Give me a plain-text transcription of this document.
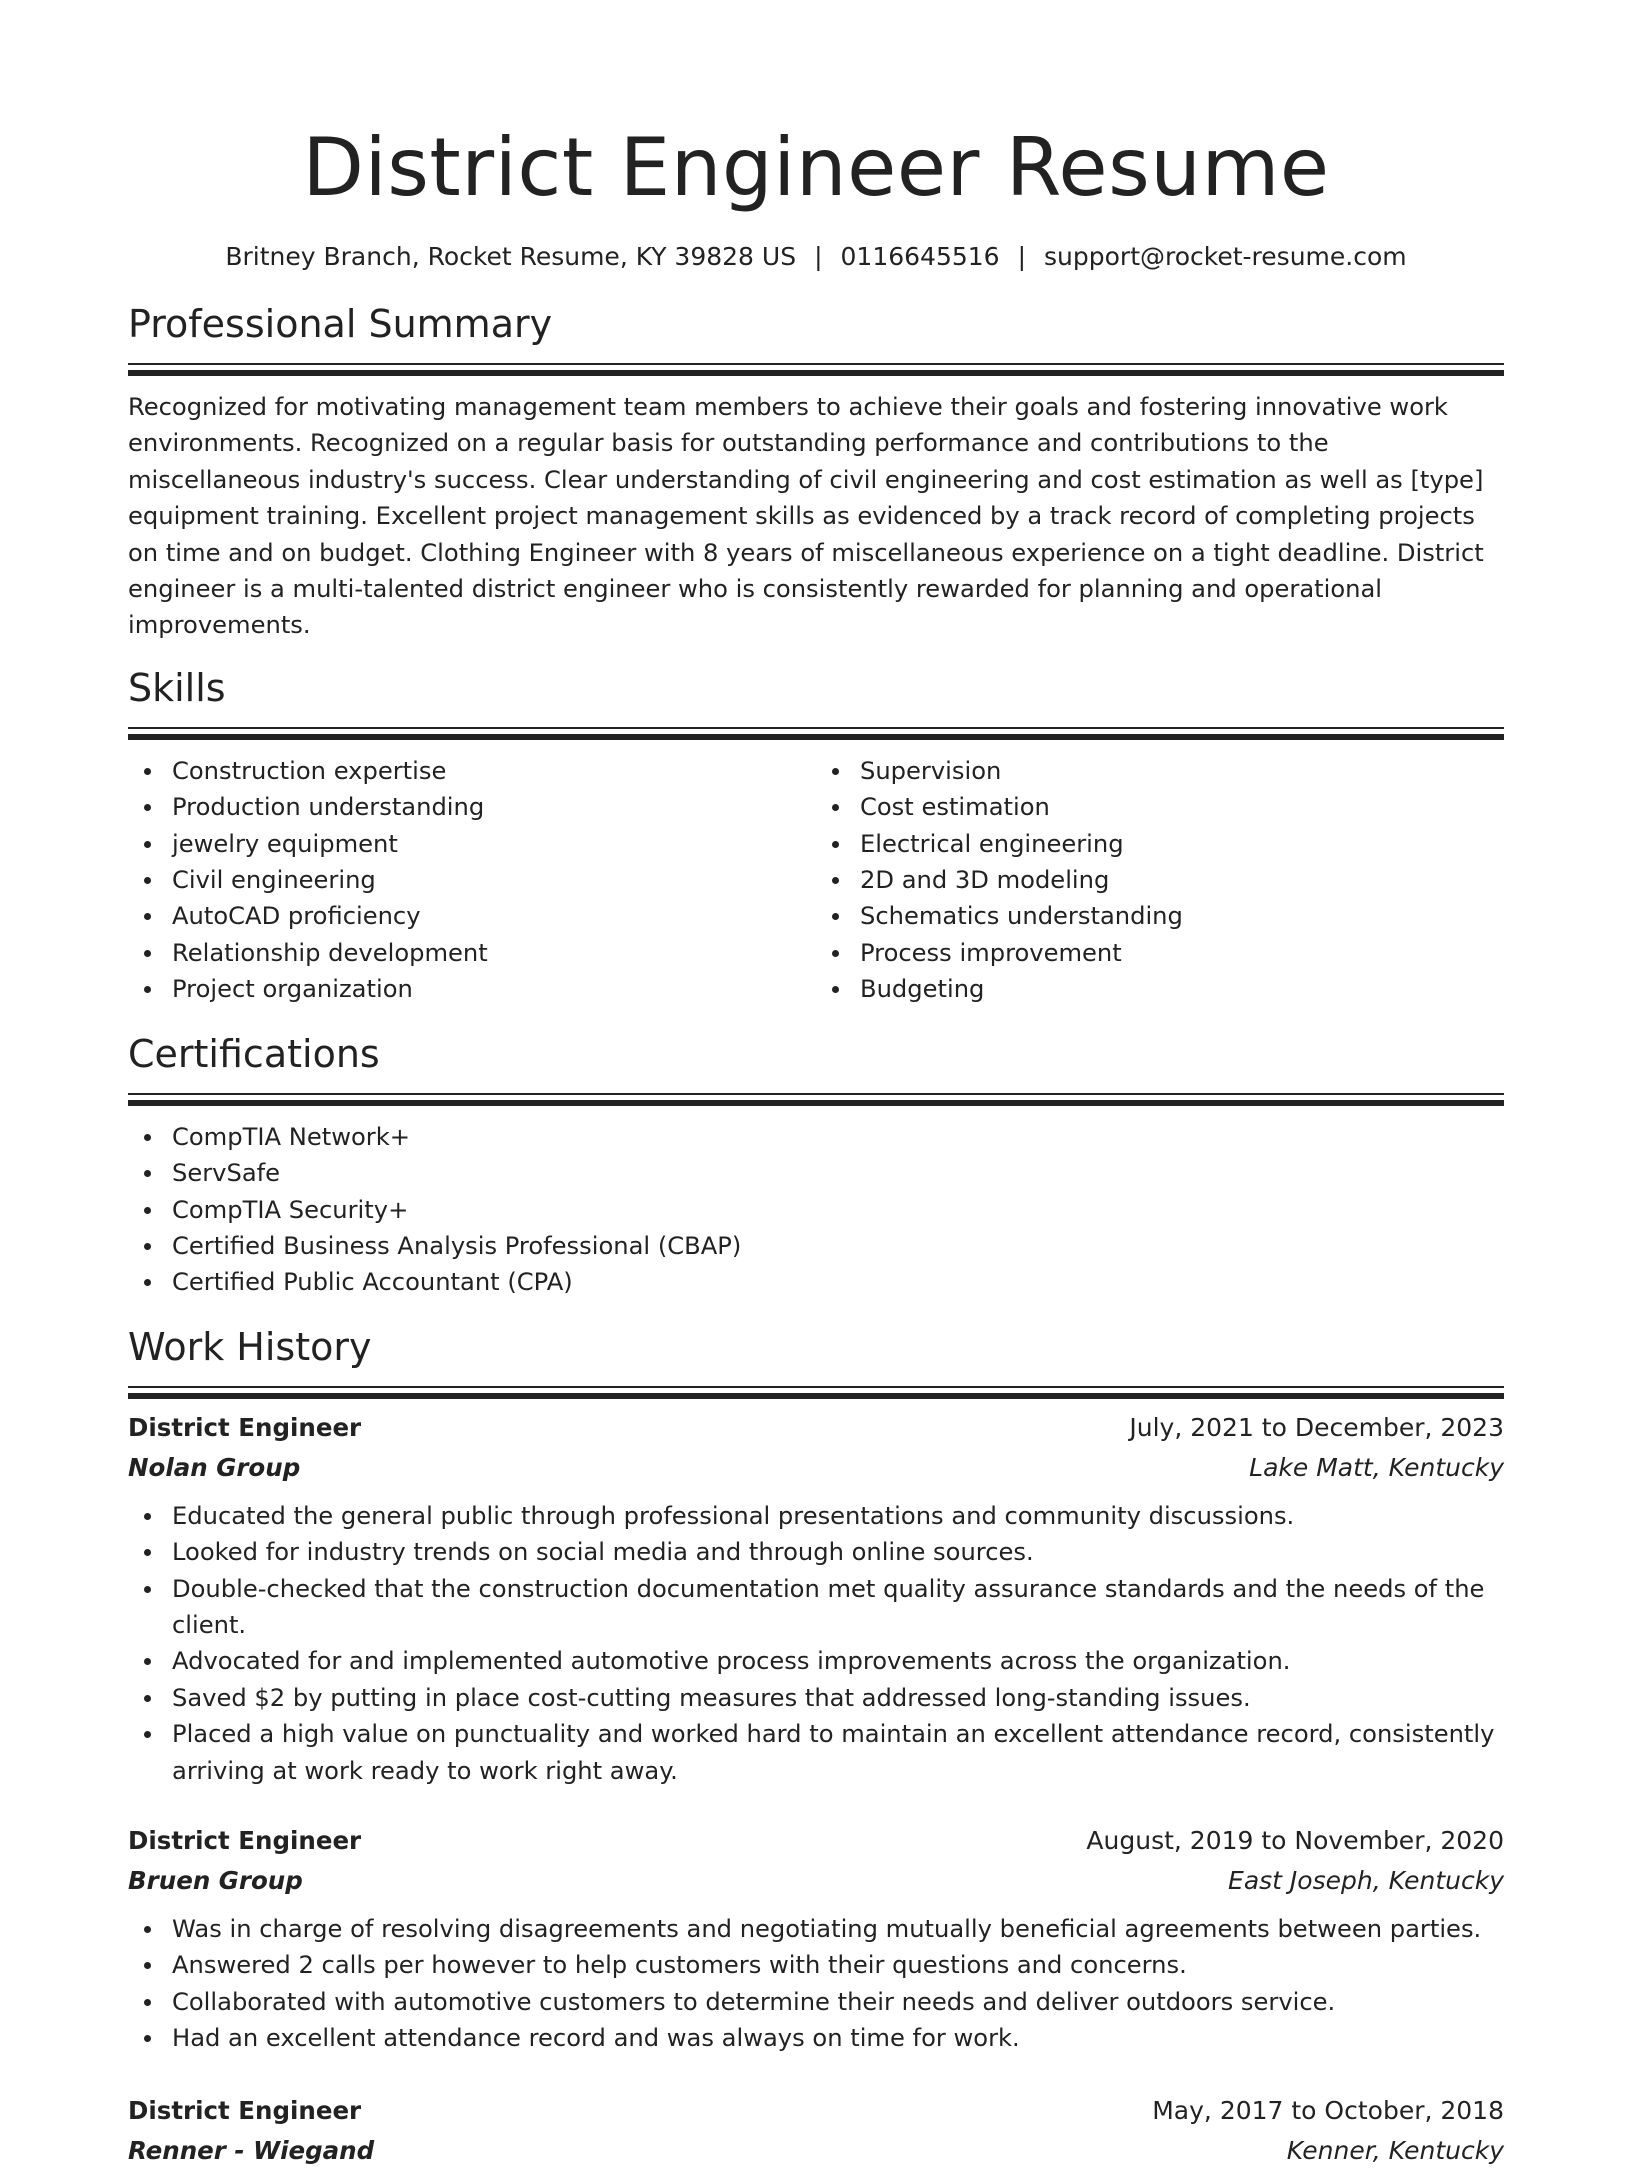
District Engineer Resume
Britney Branch, Rocket Resume, KY 39828 US | 0116645516 | support@rocket-resume.com
Professional Summary

Recognized for motivating management team members to achieve their goals and fostering innovative work environments. Recognized on a regular basis for outstanding performance and contributions to the miscellaneous industry's success. Clear understanding of civil engineering and cost estimation as well as [type] equipment training. Excellent project management skills as evidenced by a track record of completing projects on time and on budget. Clothing Engineer with 8 years of miscellaneous experience on a tight deadline. District engineer is a multi-talented district engineer who is consistently rewarded for planning and operational improvements.

Skills
Construction expertise
Production understanding
jewelry equipment
Civil engineering
AutoCAD proficiency
Relationship development
Project organization
Supervision
Cost estimation
Electrical engineering
2D and 3D modeling
Schematics understanding
Process improvement
Budgeting
Certifications
CompTIA Network+
ServSafe
CompTIA Security+
Certified Business Analysis Professional (CBAP)
Certified Public Accountant (CPA)
Work History
District Engineer	July, 2021 to December, 2023
Nolan Group	Lake Matt, Kentucky
Educated the general public through professional presentations and community discussions.
Looked for industry trends on social media and through online sources.
Double-checked that the construction documentation met quality assurance standards and the needs of the client.
Advocated for and implemented automotive process improvements across the organization.
Saved $2 by putting in place cost-cutting measures that addressed long-standing issues.
Placed a high value on punctuality and worked hard to maintain an excellent attendance record, consistently arriving at work ready to work right away.
District Engineer	August, 2019 to November, 2020
Bruen Group	East Joseph, Kentucky
Was in charge of resolving disagreements and negotiating mutually beneficial agreements between parties.
Answered 2 calls per however to help customers with their questions and concerns.
Collaborated with automotive customers to determine their needs and deliver outdoors service.
Had an excellent attendance record and was always on time for work.
District Engineer	May, 2017 to October, 2018
Renner - Wiegand	Kenner, Kentucky
